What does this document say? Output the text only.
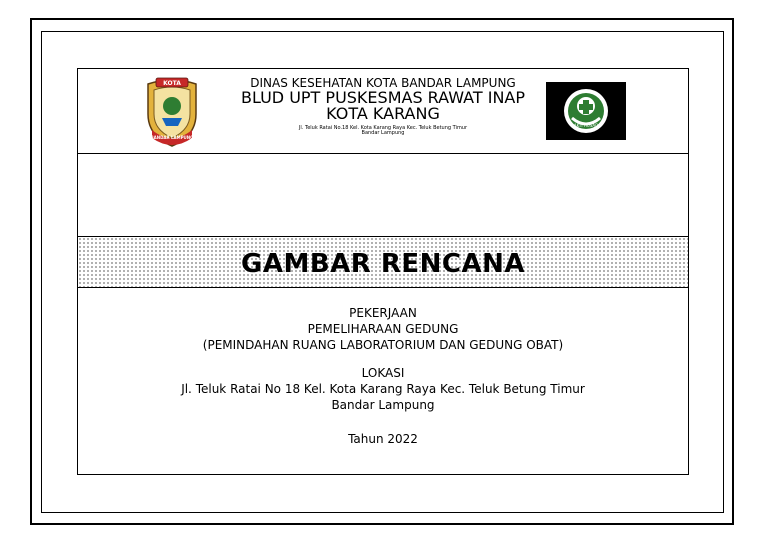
KOTA
BANDAR LAMPUNG
DINAS KESEHATAN KOTA BANDAR LAMPUNG
BLUD UPT PUSKESMAS RAWAT INAP
KOTA KARANG
Jl. Teluk Ratai No.18 Kel. Kota Karang Raya Kec. Teluk Betung Timur
Bandar Lampung
BAKTI HUSADA
GAMBAR RENCANA
PEKERJAAN
PEMELIHARAAN GEDUNG
(PEMINDAHAN RUANG LABORATORIUM DAN GEDUNG OBAT)
LOKASI
Jl. Teluk Ratai No 18 Kel. Kota Karang Raya Kec. Teluk Betung Timur
Bandar Lampung
Tahun 2022
